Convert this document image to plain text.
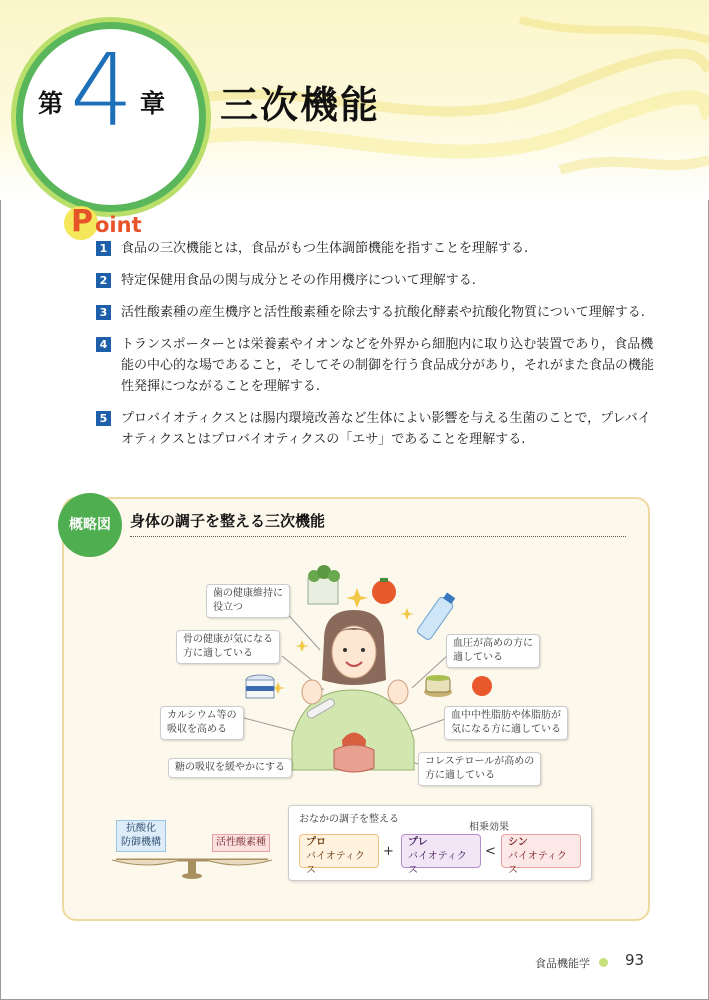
第 4 章 三次機能
P oint
1 食品の三次機能とは，食品がもつ生体調節機能を指すことを理解する.
2 特定保健用食品の関与成分とその作用機序について理解する.
3 活性酸素種の産生機序と活性酸素種を除去する抗酸化酵素や抗酸化物質について理解する.
4 トランスポーターとは栄養素やイオンなどを外界から細胞内に取り込む装置であり，食品機能の中心的な場であること，そしてその制御を行う食品成分があり，それがまた食品の機能性発揮につながることを理解する.
5 プロバイオティクスとは腸内環境改善など生体によい影響を与える生菌のことで，プレバイオティクスとはプロバイオティクスの「エサ」であることを理解する.
概略図	身体の調子を整える三次機能
歯の健康維持に
役立つ
骨の健康が気になる
方に適している
血圧が高めの方に
適している
カルシウム等の
吸収を高める
血中中性脂肪や体脂肪が
気になる方に適している
糖の吸収を緩やかにする
コレステロールが高めの
方に適している
おなかの調子を整える
相乗効果
プロ
バイオティクス
+
プレ
バイオティクス
<
シン
バイオティクス
抗酸化
防御機構	活性酸素種
食品機能学 93
